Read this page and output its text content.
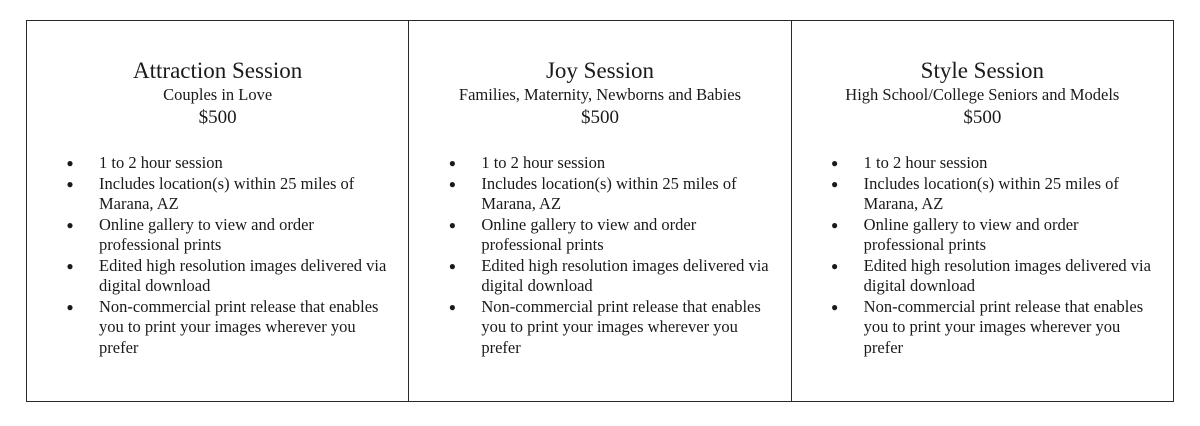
Attraction Session
Couples in Love
$500
● 1 to 2 hour session
● Includes location(s) within 25 miles of Marana, AZ
● Online gallery to view and order professional prints
● Edited high resolution images delivered via digital download
● Non-commercial print release that enables you to print your images wherever you prefer
Joy Session
Families, Maternity, Newborns and Babies
$500
● 1 to 2 hour session
● Includes location(s) within 25 miles of Marana, AZ
● Online gallery to view and order professional prints
● Edited high resolution images delivered via digital download
● Non-commercial print release that enables you to print your images wherever you prefer
Style Session
High School/College Seniors and Models
$500
● 1 to 2 hour session
● Includes location(s) within 25 miles of Marana, AZ
● Online gallery to view and order professional prints
● Edited high resolution images delivered via digital download
● Non-commercial print release that enables you to print your images wherever you prefer
